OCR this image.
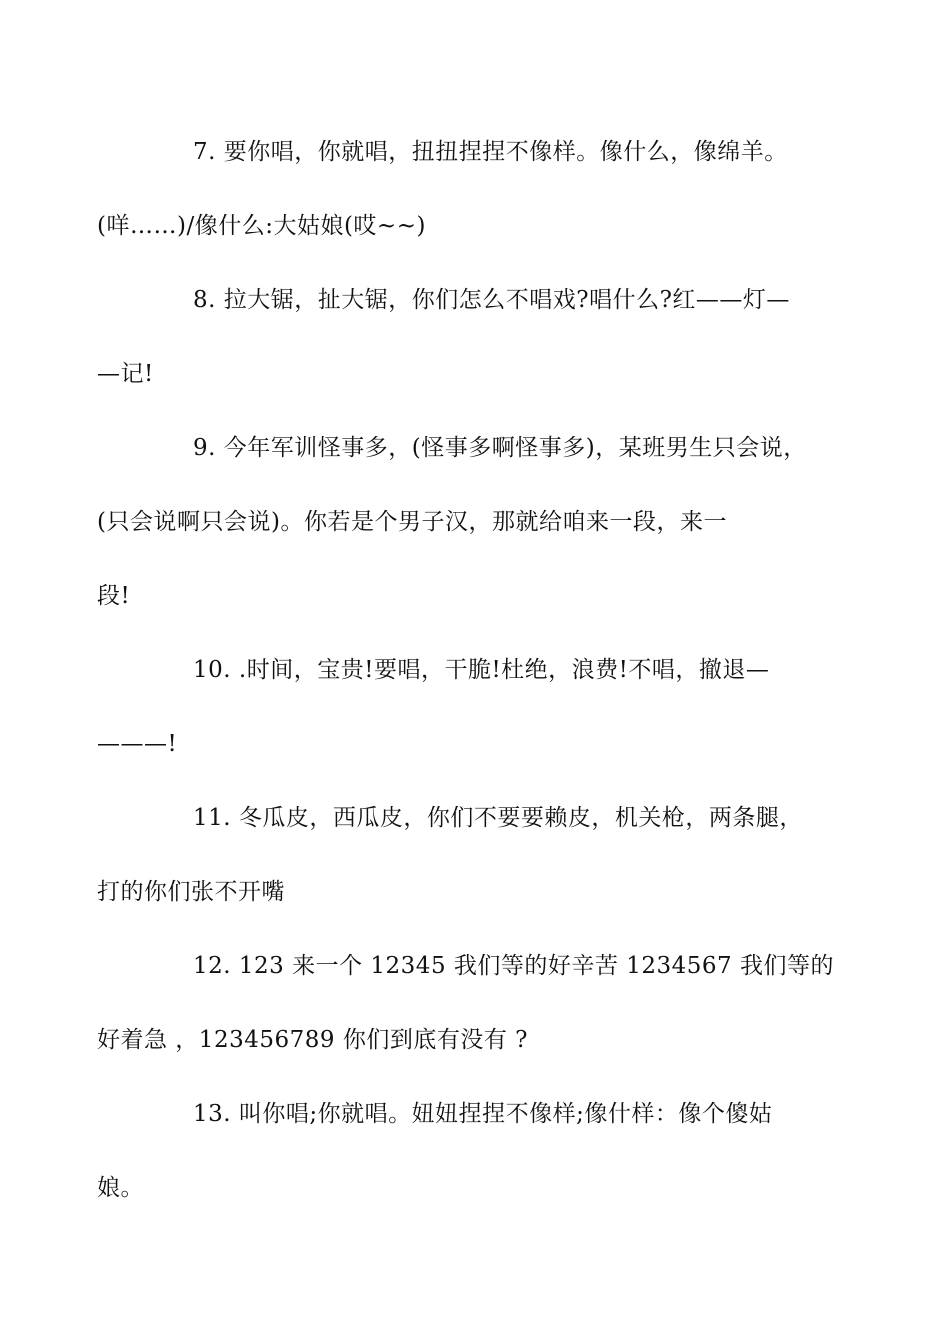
7. 要你唱，你就唱，扭扭捏捏不像样。像什么，像绵羊。
(咩……)/像什么:大姑娘(哎~~)

8. 拉大锯，扯大锯，你们怎么不唱戏?唱什么?红——灯—
—记!

9. 今年军训怪事多，(怪事多啊怪事多)，某班男生只会说，
(只会说啊只会说)。你若是个男子汉，那就给咱来一段，来一
段!

10. .时间，宝贵!要唱，干脆!杜绝，浪费!不唱，撤退—
———!

11. 冬瓜皮，西瓜皮，你们不要要赖皮，机关枪，两条腿，
打的你们张不开嘴

12. 123 来一个 12345 我们等的好辛苦 1234567 我们等的
好着急 ，123456789 你们到底有没有 ?

13. 叫你唱;你就唱。妞妞捏捏不像样;像什样：像个傻姑
娘。
